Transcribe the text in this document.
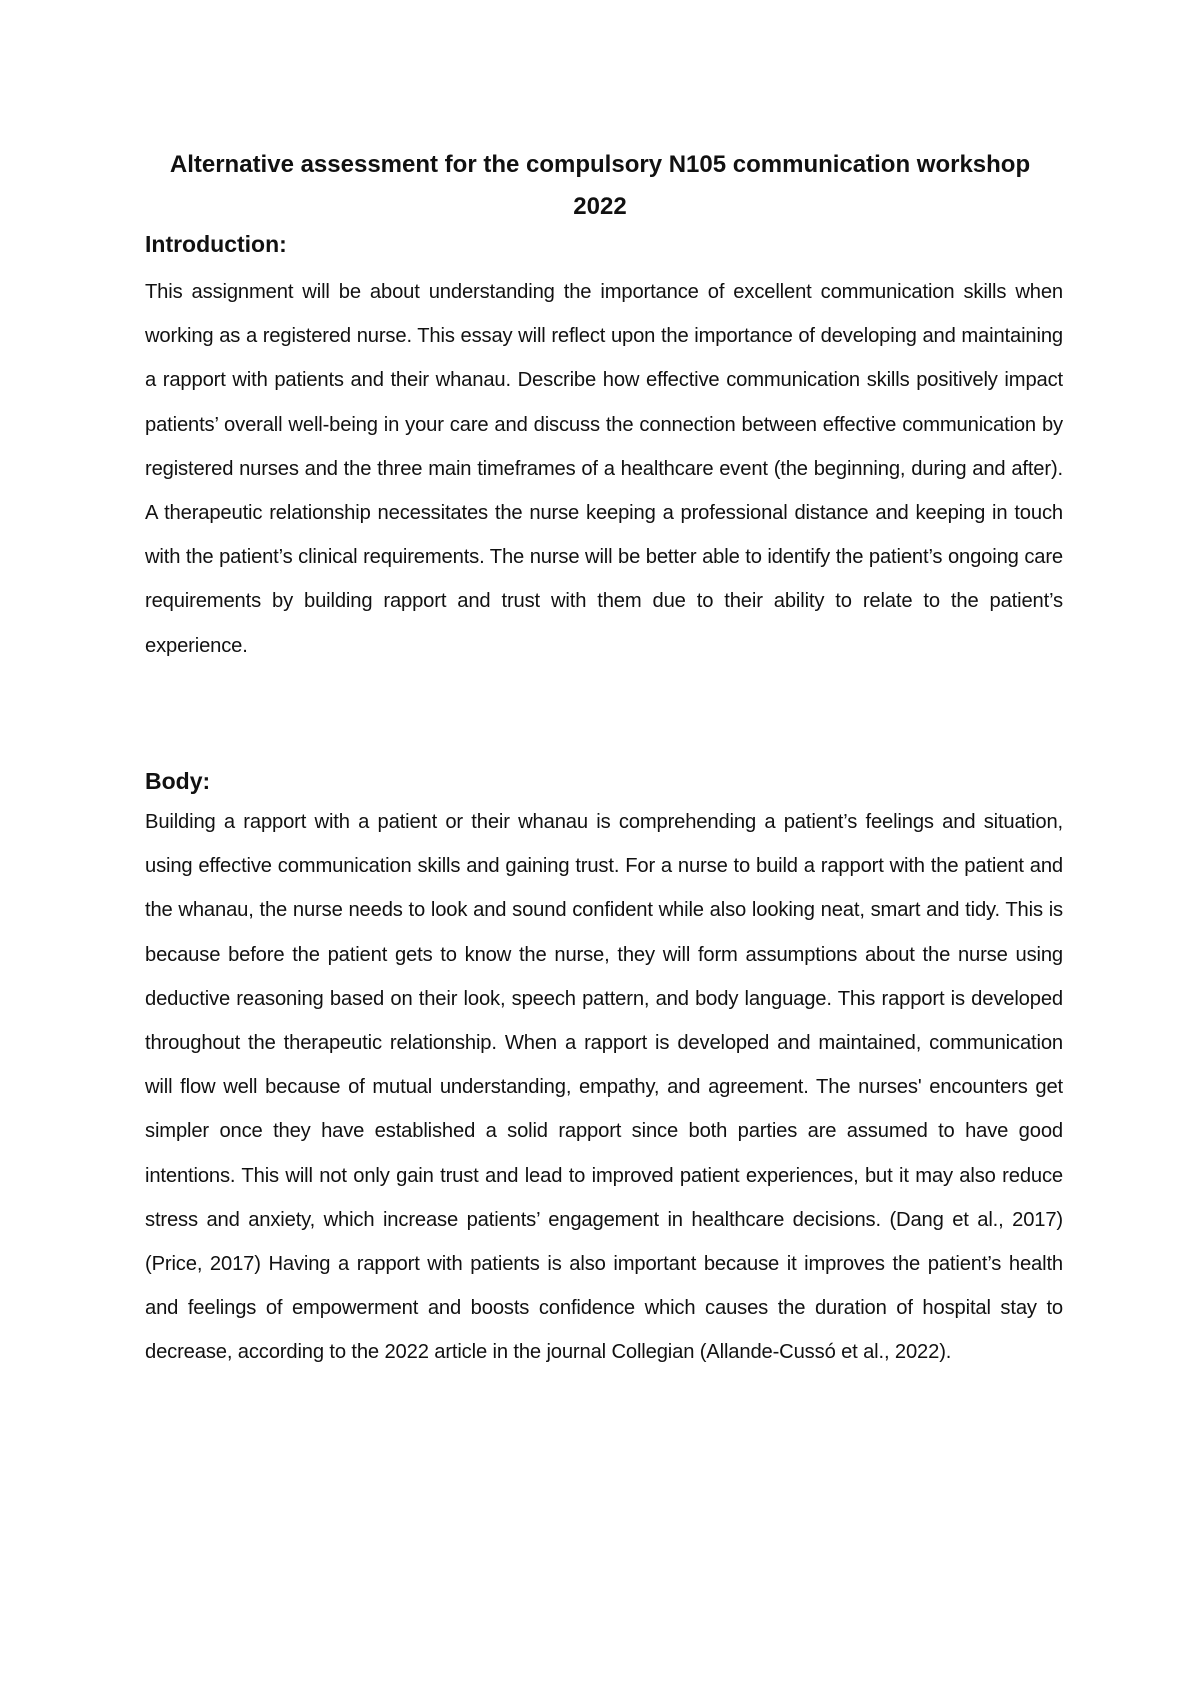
Alternative assessment for the compulsory N105 communication workshop 2022
Introduction:

This assignment will be about understanding the importance of excellent communication skills when working as a registered nurse. This essay will reflect upon the importance of developing and maintaining a rapport with patients and their whanau. Describe how effective communication skills positively impact patients’ overall well-being in your care and discuss the connection between effective communication by registered nurses and the three main timeframes of a healthcare event (the beginning, during and after). A therapeutic relationship necessitates the nurse keeping a professional distance and keeping in touch with the patient’s clinical requirements. The nurse will be better able to identify the patient’s ongoing care requirements by building rapport and trust with them due to their ability to relate to the patient’s experience.

Body:

Building a rapport with a patient or their whanau is comprehending a patient’s feelings and situation, using effective communication skills and gaining trust. For a nurse to build a rapport with the patient and the whanau, the nurse needs to look and sound confident while also looking neat, smart and tidy. This is because before the patient gets to know the nurse, they will form assumptions about the nurse using deductive reasoning based on their look, speech pattern, and body language. This rapport is developed throughout the therapeutic relationship. When a rapport is developed and maintained, communication will flow well because of mutual understanding, empathy, and agreement. The nurses' encounters get simpler once they have established a solid rapport since both parties are assumed to have good intentions. This will not only gain trust and lead to improved patient experiences, but it may also reduce stress and anxiety, which increase patients’ engagement in healthcare decisions. (Dang et al., 2017) (Price, 2017) Having a rapport with patients is also important because it improves the patient’s health and feelings of empowerment and boosts confidence which causes the duration of hospital stay to decrease, according to the 2022 article in the journal Collegian (Allande-Cussó et al., 2022).
